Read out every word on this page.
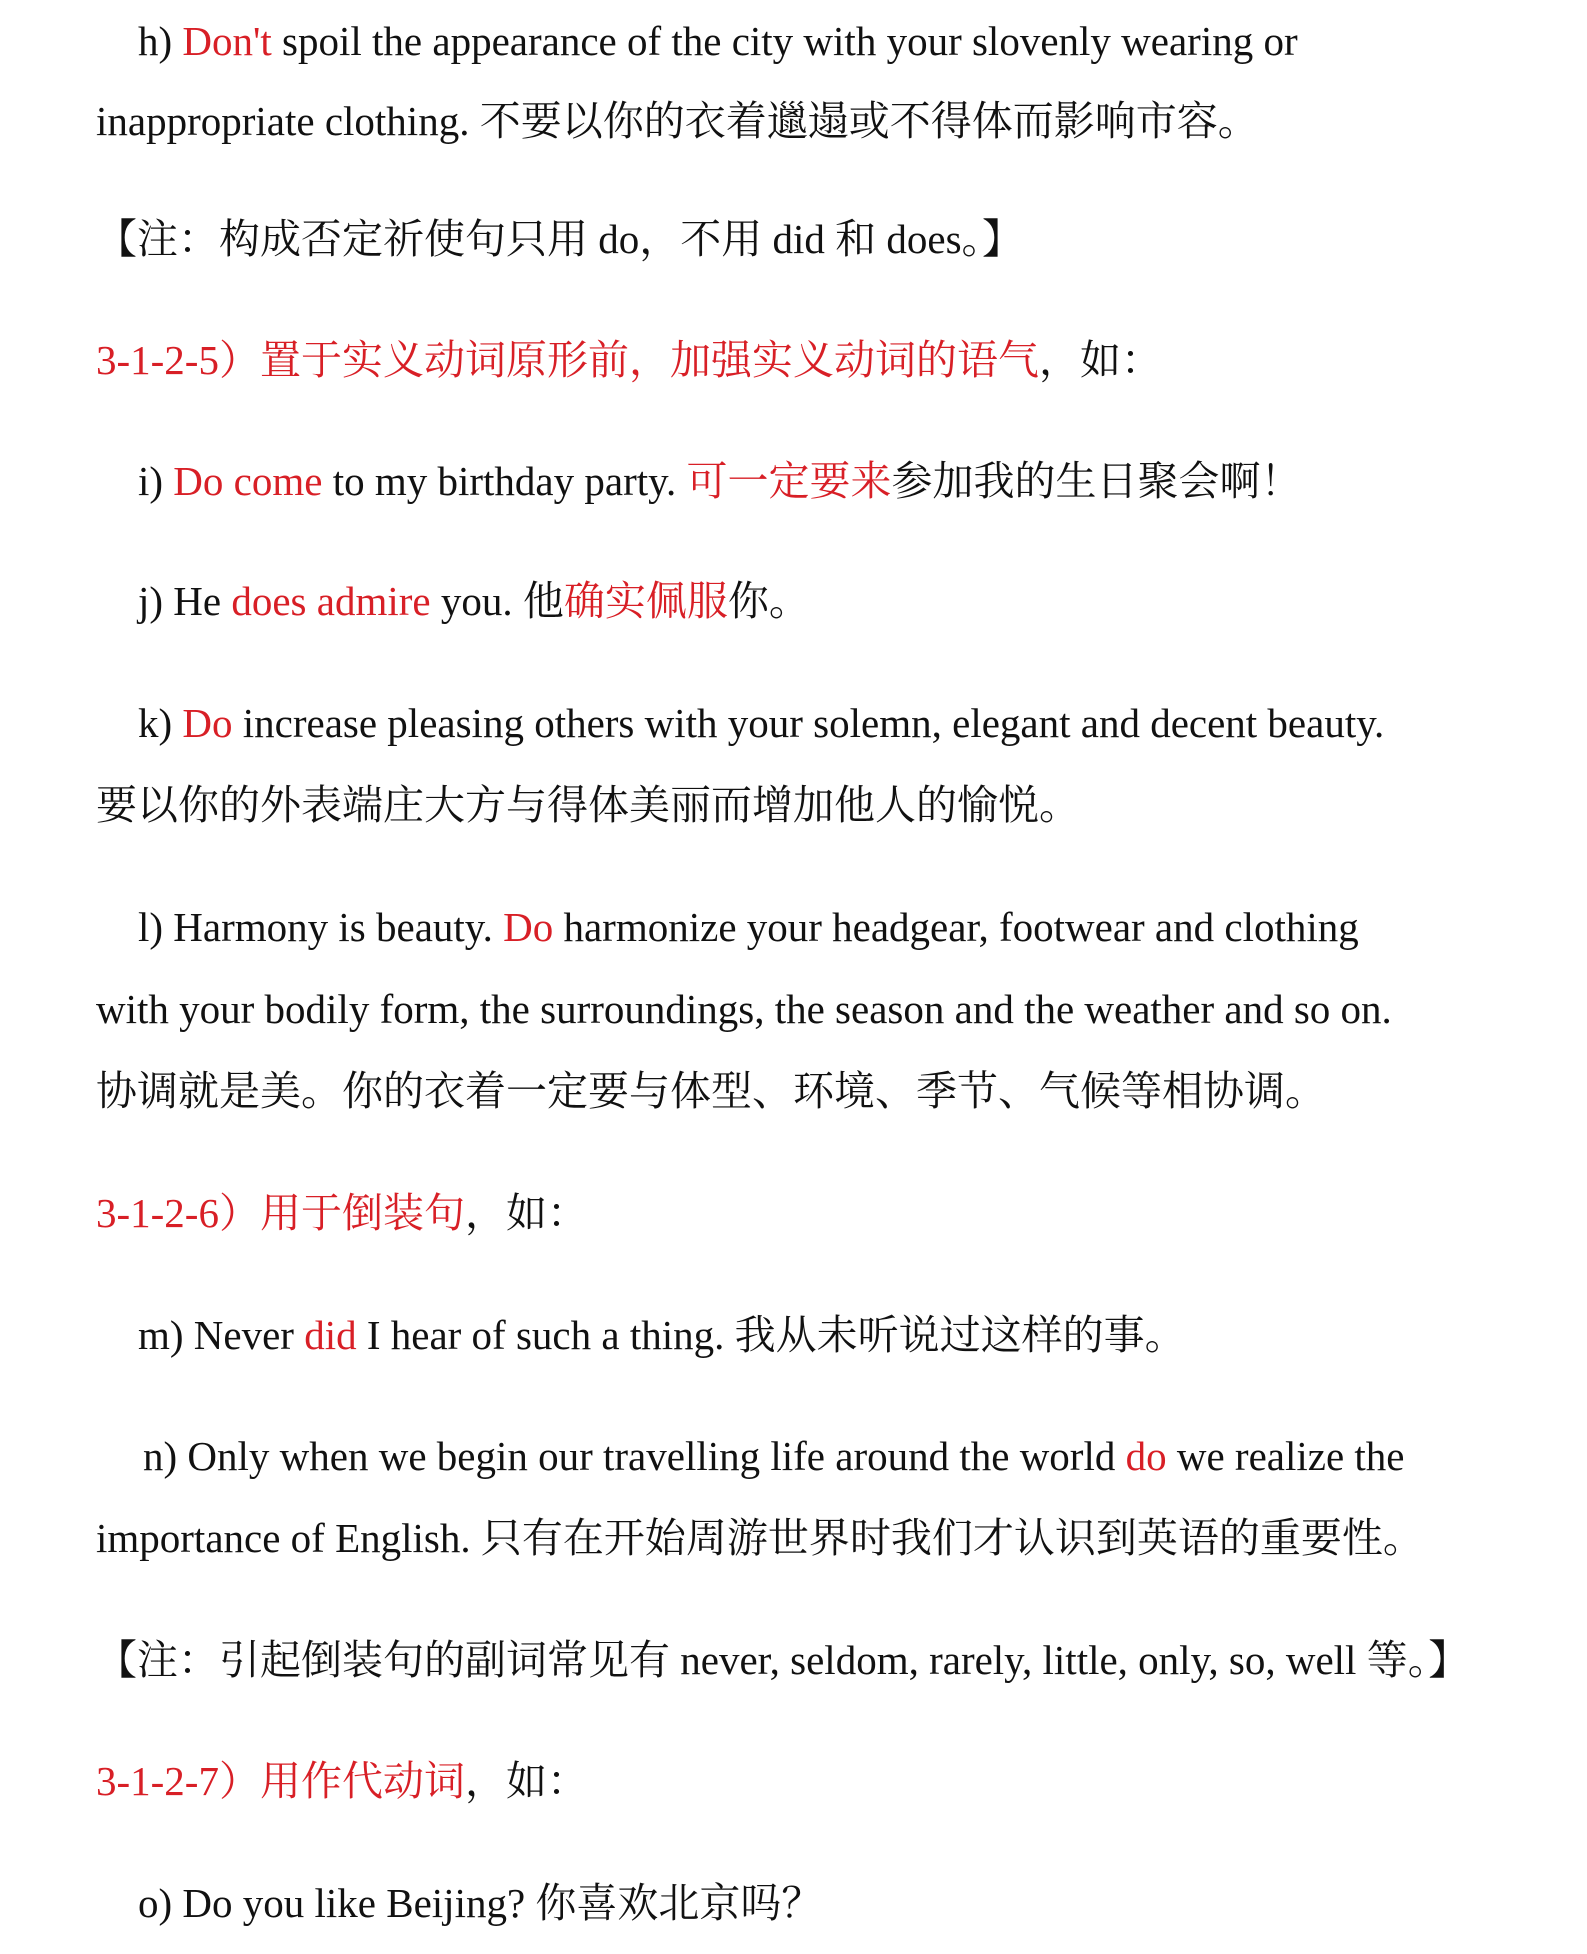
h) Don't spoil the appearance of the city with your slovenly wearing or
inappropriate clothing. 不要以你的衣着邋遢或不得体而影响市容。
【注：构成否定祈使句只用 do，不用 did 和 does。】
3-1-2-5）置于实义动词原形前，加强实义动词的语气，如：
i) Do come to my birthday party. 可一定要来参加我的生日聚会啊！
j) He does admire you. 他确实佩服你。
k) Do increase pleasing others with your solemn, elegant and decent beauty.
要以你的外表端庄大方与得体美丽而增加他人的愉悦。
l) Harmony is beauty. Do harmonize your headgear, footwear and clothing
with your bodily form, the surroundings, the season and the weather and so on.
协调就是美。你的衣着一定要与体型、环境、季节、气候等相协调。
3-1-2-6）用于倒装句，如：
m) Never did I hear of such a thing. 我从未听说过这样的事。
n) Only when we begin our travelling life around the world do we realize the
importance of English. 只有在开始周游世界时我们才认识到英语的重要性。
【注：引起倒装句的副词常见有 never, seldom, rarely, little, only, so, well 等。】
3-1-2-7）用作代动词，如：
o) Do you like Beijing? 你喜欢北京吗？
